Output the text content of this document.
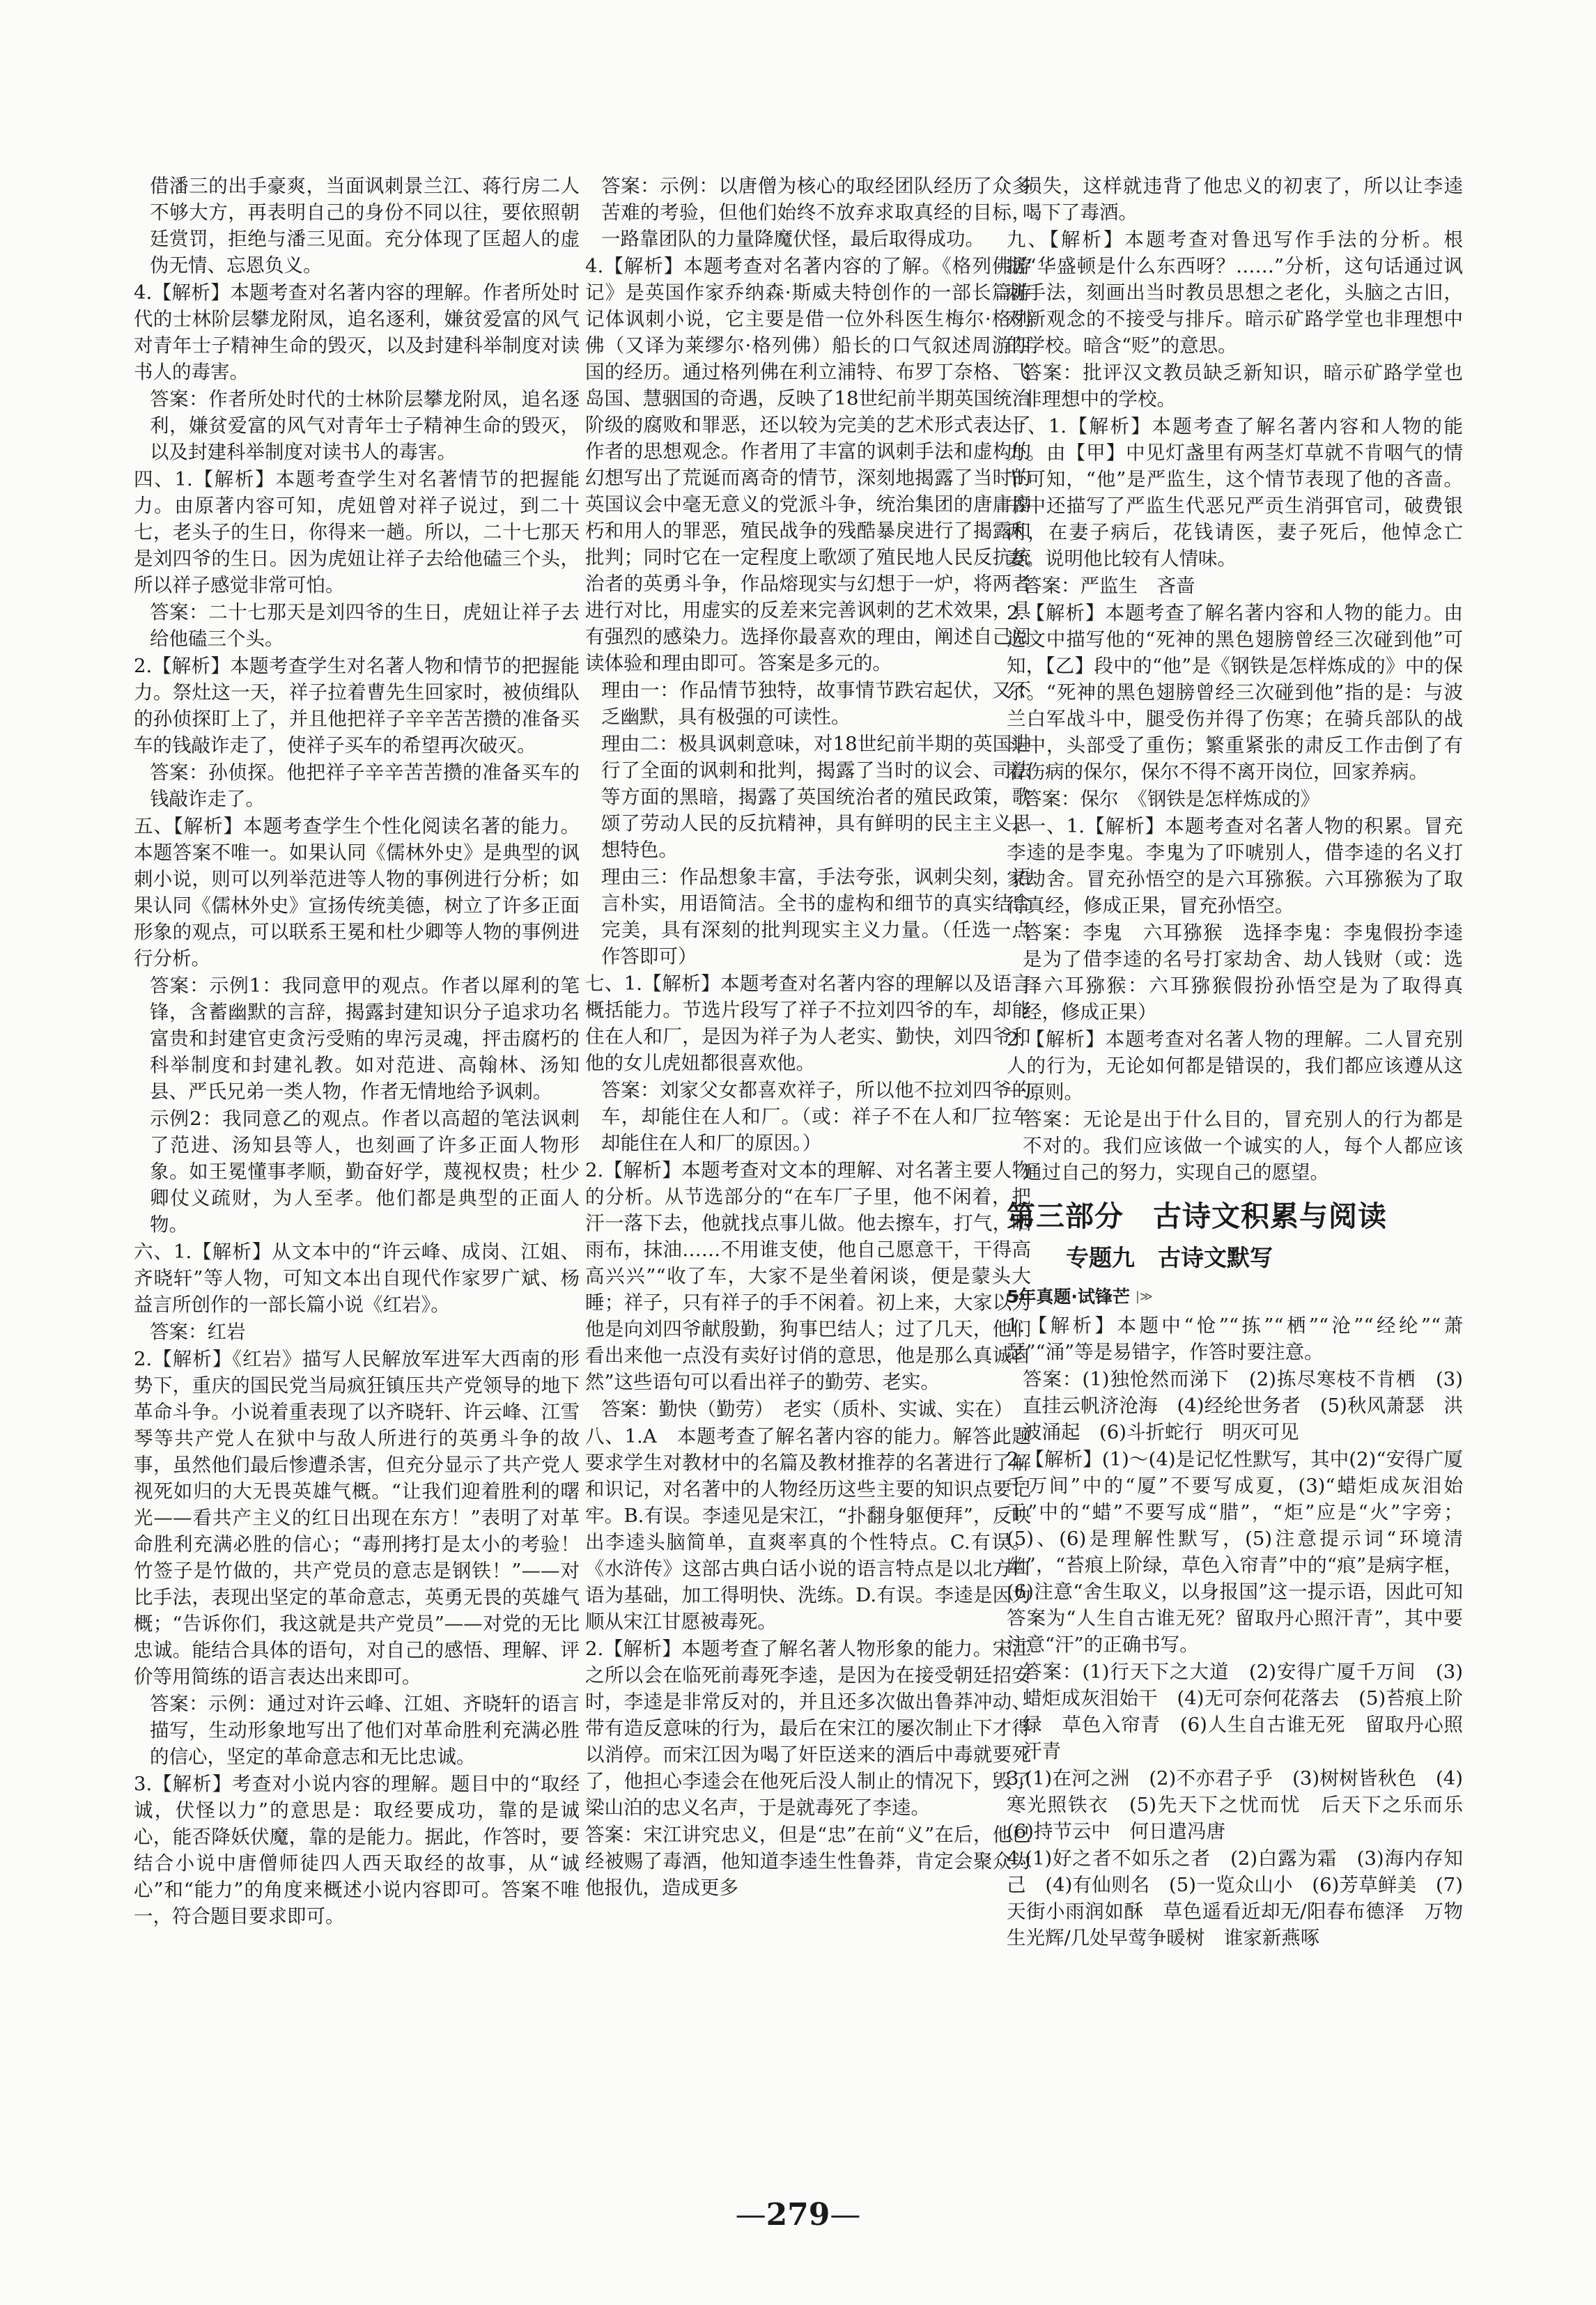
借潘三的出手豪爽，当面讽刺景兰江、蒋行房二人不够大方，再表明自己的身份不同以往，要依照朝廷赏罚，拒绝与潘三见面。充分体现了匡超人的虚伪无情、忘恩负义。

4.【解析】本题考查对名著内容的理解。作者所处时代的士林阶层攀龙附凤，追名逐利，嫌贫爱富的风气对青年士子精神生命的毁灭，以及封建科举制度对读书人的毒害。

答案：作者所处时代的士林阶层攀龙附凤，追名逐利，嫌贫爱富的风气对青年士子精神生命的毁灭，以及封建科举制度对读书人的毒害。

四、1.【解析】本题考查学生对名著情节的把握能力。由原著内容可知，虎妞曾对祥子说过，到二十七，老头子的生日，你得来一趟。所以，二十七那天是刘四爷的生日。因为虎妞让祥子去给他磕三个头，所以祥子感觉非常可怕。

答案：二十七那天是刘四爷的生日，虎妞让祥子去给他磕三个头。

2.【解析】本题考查学生对名著人物和情节的把握能力。祭灶这一天，祥子拉着曹先生回家时，被侦缉队的孙侦探盯上了，并且他把祥子辛辛苦苦攒的准备买车的钱敲诈走了，使祥子买车的希望再次破灭。

答案：孙侦探。他把祥子辛辛苦苦攒的准备买车的钱敲诈走了。

五、【解析】本题考查学生个性化阅读名著的能力。本题答案不唯一。如果认同《儒林外史》是典型的讽刺小说，则可以列举范进等人物的事例进行分析；如果认同《儒林外史》宣扬传统美德，树立了许多正面形象的观点，可以联系王冕和杜少卿等人物的事例进行分析。

答案：示例1：我同意甲的观点。作者以犀利的笔锋，含蓄幽默的言辞，揭露封建知识分子追求功名富贵和封建官吏贪污受贿的卑污灵魂，抨击腐朽的科举制度和封建礼教。如对范进、高翰林、汤知县、严氏兄弟一类人物，作者无情地给予讽刺。

示例2：我同意乙的观点。作者以高超的笔法讽刺了范进、汤知县等人，也刻画了许多正面人物形象。如王冕懂事孝顺，勤奋好学，蔑视权贵；杜少卿仗义疏财，为人至孝。他们都是典型的正面人物。

六、1.【解析】从文本中的“许云峰、成岗、江姐、齐晓轩”等人物，可知文本出自现代作家罗广斌、杨益言所创作的一部长篇小说《红岩》。

答案：红岩

2.【解析】《红岩》描写人民解放军进军大西南的形势下，重庆的国民党当局疯狂镇压共产党领导的地下革命斗争。小说着重表现了以齐晓轩、许云峰、江雪琴等共产党人在狱中与敌人所进行的英勇斗争的故事，虽然他们最后惨遭杀害，但充分显示了共产党人视死如归的大无畏英雄气概。“让我们迎着胜利的曙光——看共产主义的红日出现在东方！”表明了对革命胜利充满必胜的信心；“毒刑拷打是太小的考验！竹签子是竹做的，共产党员的意志是钢铁！”——对比手法，表现出坚定的革命意志，英勇无畏的英雄气概；“告诉你们，我这就是共产党员”——对党的无比忠诚。能结合具体的语句，对自己的感悟、理解、评价等用简练的语言表达出来即可。

答案：示例：通过对许云峰、江姐、齐晓轩的语言描写，生动形象地写出了他们对革命胜利充满必胜的信心，坚定的革命意志和无比忠诚。

3.【解析】考查对小说内容的理解。题目中的“取经诚，伏怪以力”的意思是：取经要成功，靠的是诚心，能否降妖伏魔，靠的是能力。据此，作答时，要结合小说中唐僧师徒四人西天取经的故事，从“诚心”和“能力”的角度来概述小说内容即可。答案不唯一，符合题目要求即可。

答案：示例：以唐僧为核心的取经团队经历了众多苦难的考验，但他们始终不放弃求取真经的目标，一路靠团队的力量降魔伏怪，最后取得成功。

4.【解析】本题考查对名著内容的了解。《格列佛游记》是英国作家乔纳森·斯威夫特创作的一部长篇游记体讽刺小说，它主要是借一位外科医生梅尔·格列佛（又译为莱缪尔·格列佛）船长的口气叙述周游四国的经历。通过格列佛在利立浦特、布罗丁奈格、飞岛国、慧骃国的奇遇，反映了18世纪前半期英国统治阶级的腐败和罪恶，还以较为完美的艺术形式表达了作者的思想观念。作者用了丰富的讽刺手法和虚构的幻想写出了荒诞而离奇的情节，深刻地揭露了当时的英国议会中毫无意义的党派斗争，统治集团的唐庸腐朽和用人的罪恶，殖民战争的残酷暴戾进行了揭露和批判；同时它在一定程度上歌颂了殖民地人民反抗统治者的英勇斗争，作品熔现实与幻想于一炉，将两者进行对比，用虚实的反差来完善讽刺的艺术效果，具有强烈的感染力。选择你最喜欢的理由，阐述自己阅读体验和理由即可。答案是多元的。

理由一：作品情节独特，故事情节跌宕起伏，又不乏幽默，具有极强的可读性。

理由二：极具讽刺意味，对18世纪前半期的英国进行了全面的讽刺和批判，揭露了当时的议会、司法等方面的黑暗，揭露了英国统治者的殖民政策，歌颂了劳动人民的反抗精神，具有鲜明的民主主义思想特色。

理由三：作品想象丰富，手法夸张，讽刺尖刻，语言朴实，用语简洁。全书的虚构和细节的真实结合完美，具有深刻的批判现实主义力量。（任选一点作答即可）

七、1.【解析】本题考查对名著内容的理解以及语言概括能力。节选片段写了祥子不拉刘四爷的车，却能住在人和厂，是因为祥子为人老实、勤快，刘四爷和他的女儿虎妞都很喜欢他。

答案：刘家父女都喜欢祥子，所以他不拉刘四爷的车，却能住在人和厂。（或：祥子不在人和厂拉车却能住在人和厂的原因。）

2.【解析】本题考查对文本的理解、对名著主要人物的分析。从节选部分的“在车厂子里，他不闲着，把汗一落下去，他就找点事儿做。他去擦车，打气，晒雨布，抹油……不用谁支使，他自己愿意干，干得高高兴兴”“收了车，大家不是坐着闲谈，便是蒙头大睡；祥子，只有祥子的手不闲着。初上来，大家以为他是向刘四爷献殷勤，狗事巴结人；过了几天，他们看出来他一点没有卖好讨俏的意思，他是那么真诚自然”这些语句可以看出祥子的勤劳、老实。

答案：勤快（勤劳）　老实（质朴、实诚、实在）

八、1.A　本题考查了解名著内容的能力。解答此题要求学生对教材中的名篇及教材推荐的名著进行了解和识记，对名著中的人物经历这些主要的知识点要记牢。B.有误。李逵见是宋江，“扑翻身躯便拜”，反映出李逵头脑简单，直爽率真的个性特点。C.有误。《水浒传》这部古典白话小说的语言特点是以北方口语为基础，加工得明快、洗练。D.有误。李逵是因为顺从宋江甘愿被毒死。

2.【解析】本题考查了解名著人物形象的能力。宋江之所以会在临死前毒死李逵，是因为在接受朝廷招安时，李逵是非常反对的，并且还多次做出鲁莽冲动、带有造反意味的行为，最后在宋江的屡次制止下才得以消停。而宋江因为喝了奸臣送来的酒后中毒就要死了，他担心李逵会在他死后没人制止的情况下，毁了梁山泊的忠义名声，于是就毒死了李逵。

答案：宋江讲究忠义，但是“忠”在前“义”在后，他已经被赐了毒酒，他知道李逵生性鲁莽，肯定会聚众为他报仇，造成更多

损失，这样就违背了他忠义的初衷了，所以让李逵喝下了毒酒。

九、【解析】本题考查对鲁迅写作手法的分析。根据“华盛顿是什么东西呀？……”分析，这句话通过讽刺手法，刻画出当时教员思想之老化，头脑之古旧，对新观念的不接受与排斥。暗示矿路学堂也非理想中的学校。暗含“贬”的意思。

答案：批评汉文教员缺乏新知识，暗示矿路学堂也非理想中的学校。

十、1.【解析】本题考查了解名著内容和人物的能力。由【甲】中见灯盏里有两茎灯草就不肯咽气的情节可知，“他”是严监生，这个情节表现了他的吝啬。书中还描写了严监生代恶兄严贡生消弭官司，破费银两，在妻子病后，花钱请医，妻子死后，他悼念亡妻。说明他比较有人情味。

答案：严监生　吝啬

2.【解析】本题考查了解名著内容和人物的能力。由选文中描写他的“死神的黑色翅膀曾经三次碰到他”可知，【乙】段中的“他”是《钢铁是怎样炼成的》中的保尔。“死神的黑色翅膀曾经三次碰到他”指的是：与波兰白军战斗中，腿受伤并得了伤寒；在骑兵部队的战斗中，头部受了重伤；繁重紧张的肃反工作击倒了有着伤病的保尔，保尔不得不离开岗位，回家养病。

答案：保尔　《钢铁是怎样炼成的》

十一、1.【解析】本题考查对名著人物的积累。冒充李逵的是李鬼。李鬼为了吓唬别人，借李逵的名义打家劫舍。冒充孙悟空的是六耳猕猴。六耳猕猴为了取得真经，修成正果，冒充孙悟空。

答案：李鬼　六耳猕猴　选择李鬼：李鬼假扮李逵是为了借李逵的名号打家劫舍、劫人钱财（或：选择六耳猕猴：六耳猕猴假扮孙悟空是为了取得真经，修成正果）

2.【解析】本题考查对名著人物的理解。二人冒充别人的行为，无论如何都是错误的，我们都应该遵从这一原则。

答案：无论是出于什么目的，冒充别人的行为都是不对的。我们应该做一个诚实的人，每个人都应该通过自己的努力，实现自己的愿望。

第三部分　古诗文积累与阅读
专题九　古诗文默写
5年真题·试锋芒 |≫

1.【解析】本题中“怆”“拣”“栖”“沧”“经纶”“萧瑟”“涌”等是易错字，作答时要注意。

答案：(1)独怆然而涕下　(2)拣尽寒枝不肯栖　(3)直挂云帆济沧海　(4)经纶世务者　(5)秋风萧瑟　洪波涌起　(6)斗折蛇行　明灭可见

2.【解析】(1)～(4)是记忆性默写，其中(2)“安得广厦千万间”中的“厦”不要写成夏，(3)“蜡炬成灰泪始干”中的“蜡”不要写成“腊”，“炬”应是“火”字旁；(5)、(6)是理解性默写，(5)注意提示词“环境清幽”，“苔痕上阶绿，草色入帘青”中的“痕”是病字框，(6)注意“舍生取义，以身报国”这一提示语，因此可知答案为“人生自古谁无死？留取丹心照汗青”，其中要注意“汗”的正确书写。

答案：(1)行天下之大道　(2)安得广厦千万间　(3)蜡炬成灰泪始干　(4)无可奈何花落去　(5)苔痕上阶绿　草色入帘青　(6)人生自古谁无死　留取丹心照汗青

3.(1)在河之洲　(2)不亦君子乎　(3)树树皆秋色　(4)寒光照铁衣　(5)先天下之忧而忧　后天下之乐而乐　(6)持节云中　何日遣冯唐

4.(1)好之者不如乐之者　(2)白露为霜　(3)海内存知己　(4)有仙则名　(5)一览众山小　(6)芳草鲜美　(7)天街小雨润如酥　草色遥看近却无/阳春布德泽　万物生光辉/几处早莺争暖树　谁家新燕啄

—279—
